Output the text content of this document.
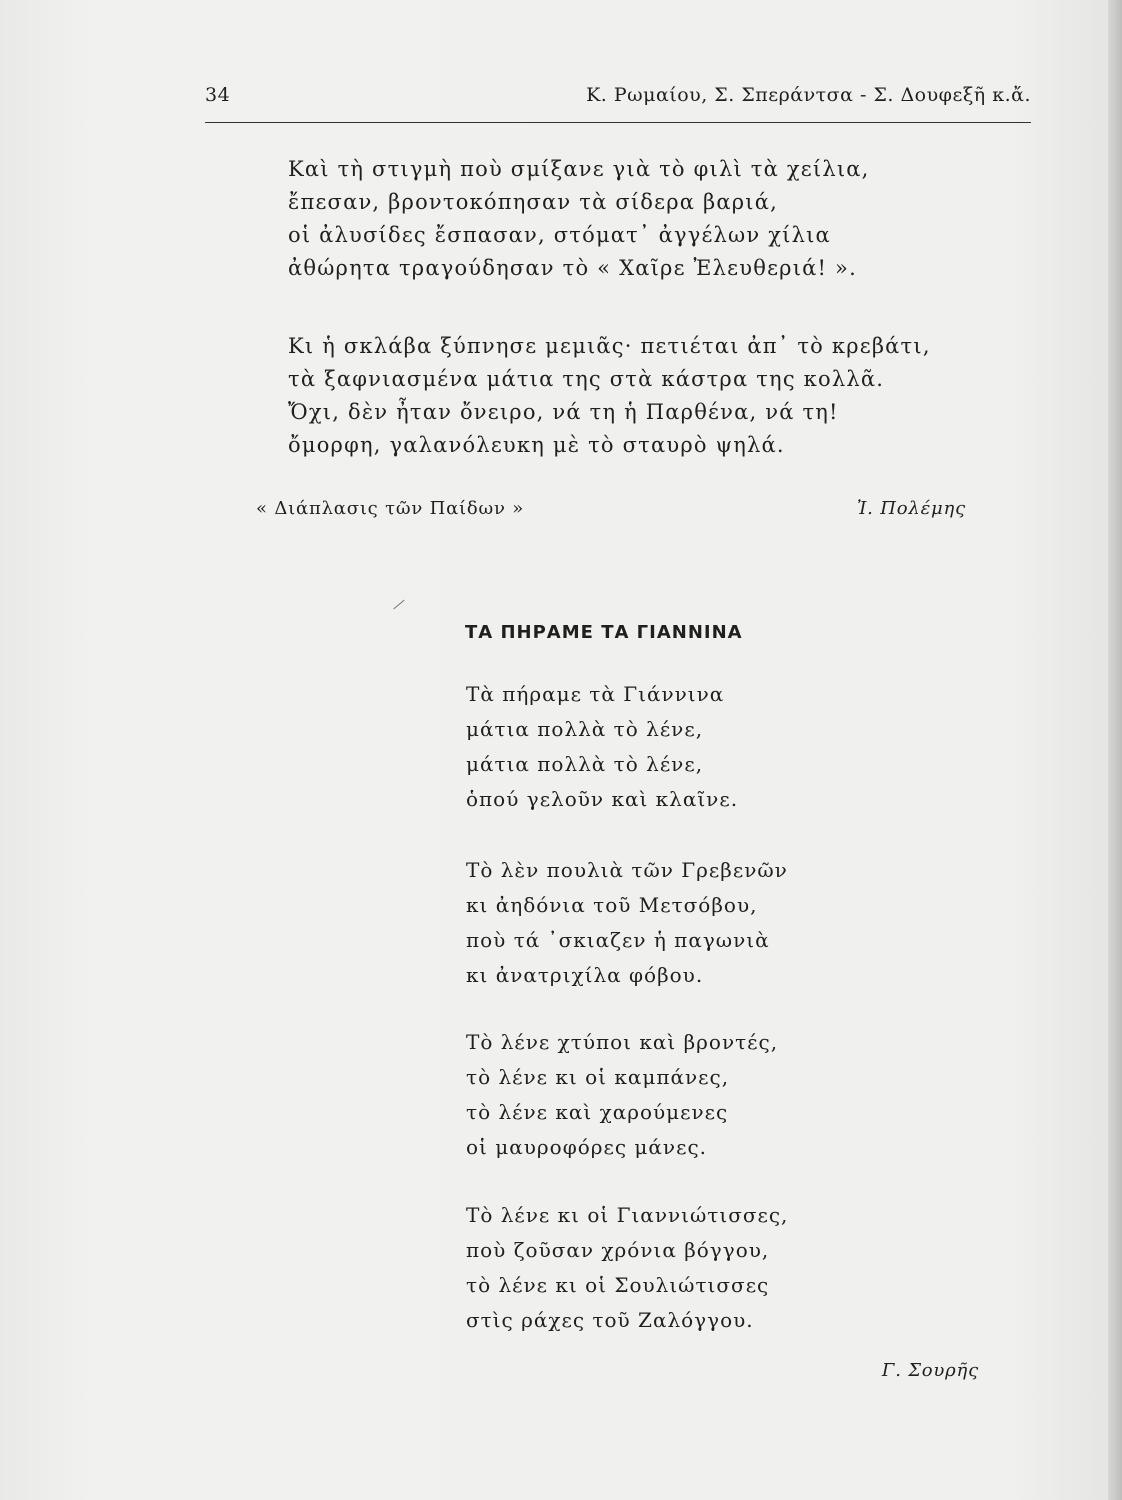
34	Κ. Ρωμαίου, Σ. Σπεράντσα - Σ. Δουφεξῆ κ.ἄ.
Καὶ τὴ στιγμὴ ποὺ σμίξανε γιὰ τὸ φιλὶ τὰ χείλια,
ἔπεσαν, βροντοκόπησαν τὰ σίδερα βαριά,
οἱ ἀλυσίδες ἔσπασαν, στόματ᾽ ἀγγέλων χίλια
ἀθώρητα τραγούδησαν τὸ « Χαῖρε Ἐλευθεριά! ».
Κι ἡ σκλάβα ξύπνησε μεμιᾶς· πετιέται ἀπ᾽ τὸ κρεβάτι,
τὰ ξαφνιασμένα μάτια της στὰ κάστρα της κολλᾶ.
Ὄχι, δὲν ἦταν ὄνειρο, νά τη ἡ Παρθένα, νά τη!
ὄμορφη, γαλανόλευκη μὲ τὸ σταυρὸ ψηλά.
« Διάπλασις τῶν Παίδων »	Ἰ. Πολέμης
ΤΑ ΠΗΡΑΜΕ ΤΑ ΓΙΑΝΝΙΝΑ
Τὰ πήραμε τὰ Γιάννινα
μάτια πολλὰ τὸ λένε,
μάτια πολλὰ τὸ λένε,
ὁπού γελοῦν καὶ κλαῖνε.
Τὸ λὲν πουλιὰ τῶν Γρεβενῶν
κι ἀηδόνια τοῦ Μετσόβου,
ποὺ τά ᾽σκιαζεν ἡ παγωνιὰ
κι ἀνατριχίλα φόβου.
Τὸ λένε χτύποι καὶ βροντές,
τὸ λένε κι οἱ καμπάνες,
τὸ λένε καὶ χαρούμενες
οἱ μαυροφόρες μάνες.
Τὸ λένε κι οἱ Γιαννιώτισσες,
ποὺ ζοῦσαν χρόνια βόγγου,
τὸ λένε κι οἱ Σουλιώτισσες
στὶς ράχες τοῦ Ζαλόγγου.
Γ. Σουρῆς
